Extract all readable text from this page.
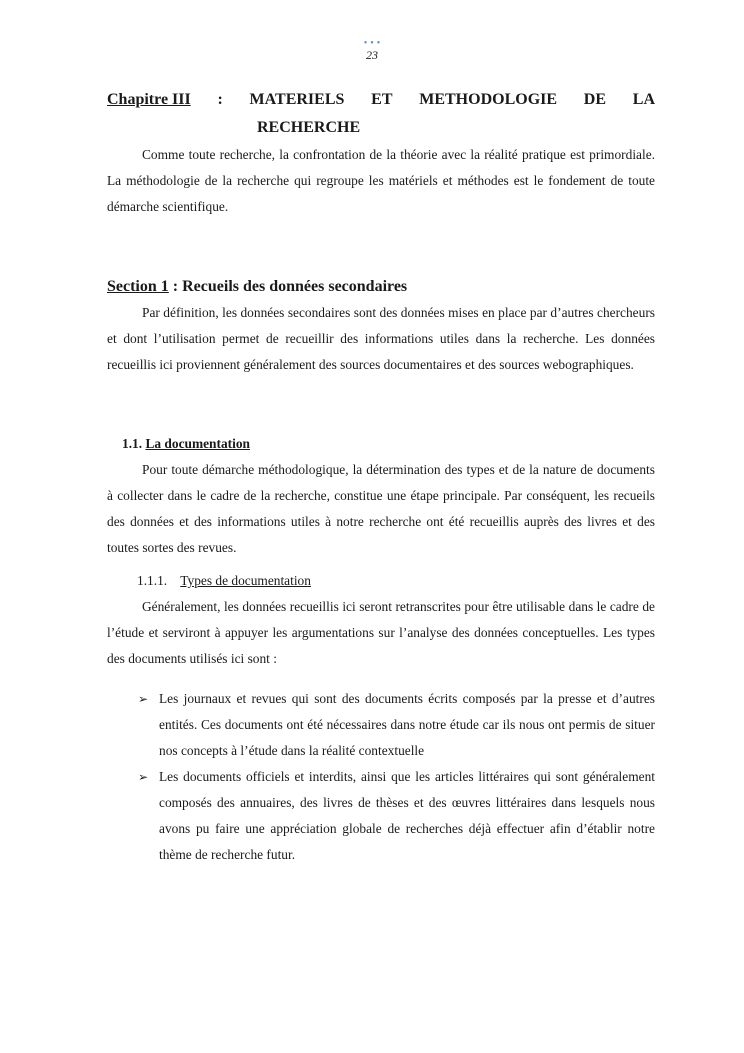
•••
23
Chapitre III : MATERIELS ET METHODOLOGIE DE LA
RECHERCHE

Comme toute recherche, la confrontation de la théorie avec la réalité pratique est primordiale. La méthodologie de la recherche qui regroupe les matériels et méthodes est le fondement de toute démarche scientifique.

Section 1 : Recueils des données secondaires

Par définition, les données secondaires sont des données mises en place par d’autres chercheurs et dont l’utilisation permet de recueillir des informations utiles dans la recherche. Les données recueillis ici proviennent généralement des sources documentaires et des sources webographiques.

1.1. La documentation

Pour toute démarche méthodologique, la détermination des types et de la nature de documents à collecter dans le cadre de la recherche, constitue une étape principale. Par conséquent, les recueils des données et des informations utiles à notre recherche ont été recueillis auprès des livres et des toutes sortes des revues.

1.1.1. Types de documentation

Généralement, les données recueillis ici seront retranscrites pour être utilisable dans le cadre de l’étude et serviront à appuyer les argumentations sur l’analyse des données conceptuelles. Les types des documents utilisés ici sont :

➢ Les journaux et revues qui sont des documents écrits composés par la presse et d’autres entités. Ces documents ont été nécessaires dans notre étude car ils nous ont permis de situer nos concepts à l’étude dans la réalité contextuelle
➢ Les documents officiels et interdits, ainsi que les articles littéraires qui sont généralement composés des annuaires, des livres de thèses et des œuvres littéraires dans lesquels nous avons pu faire une appréciation globale de recherches déjà effectuer afin d’établir notre thème de recherche futur.
